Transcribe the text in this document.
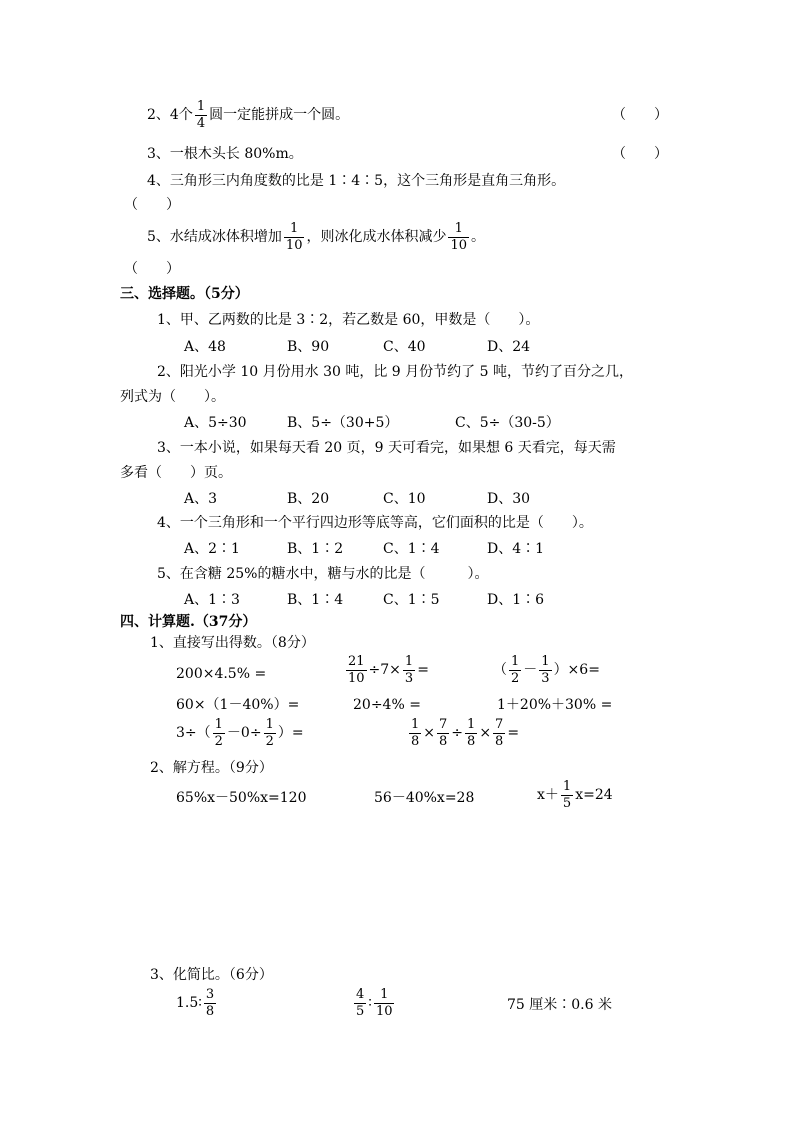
2、4个 $\frac{1}{4}$ 圆一定能拼成一个圆。	（　　）
3、一根木头长 80%m。	（　　）
4、三角形三内角度数的比是 1∶4∶5，这个三角形是直角三角形。
（　　）
5、水结成冰体积增加 $\frac{1}{10}$ ，则冰化成水体积减少 $\frac{1}{10}$ 。
（　　）
三、选择题。（5分）
1、甲、乙两数的比是 3∶2，若乙数是 60，甲数是（　　）。
A、48	B、90	C、40	D、24
2、阳光小学 10 月份用水 30 吨，比 9 月份节约了 5 吨，节约了百分之几，
列式为（　　）。
A、5÷30	B、5÷（30+5）	C、5÷（30-5）
3、一本小说，如果每天看 20 页，9 天可看完，如果想 6 天看完，每天需
多看（　　）页。
A、3	B、20	C、10	D、30
4、一个三角形和一个平行四边形等底等高，它们面积的比是（　　）。
A、2∶1	B、1∶2	C、1∶4	D、4∶1
5、在含糖 25%的糖水中，糖与水的比是（　　　）。
A、1∶3	B、1∶4	C、1∶5	D、1∶6
四、计算题.（37分）
1、直接写出得数。（8分）
200×4.5% =	$\frac{21}{10} \div 7\times \frac{1}{3}$ =	（ $\frac{1}{2} - \frac{1}{3} )\times 6=$
60×（1－40%）=	20÷4% =	1＋20%＋30% =
$3\div( \frac{1}{2} -0\div \frac{1}{2}$ ）=	$\frac{1}{8} \times \frac{7}{8} \div \frac{1}{8} \times \frac{7}{8}$ =
2、解方程。（9分）
65%x－50%x=120	56－40%x=28	$x+ \frac{1}{5} x=24$
3、化简比。（6分）
1.5∶ $\frac{3}{8}$	$\frac{4}{5}$ ∶ $\frac{1}{10}$	75 厘米∶0.6 米
